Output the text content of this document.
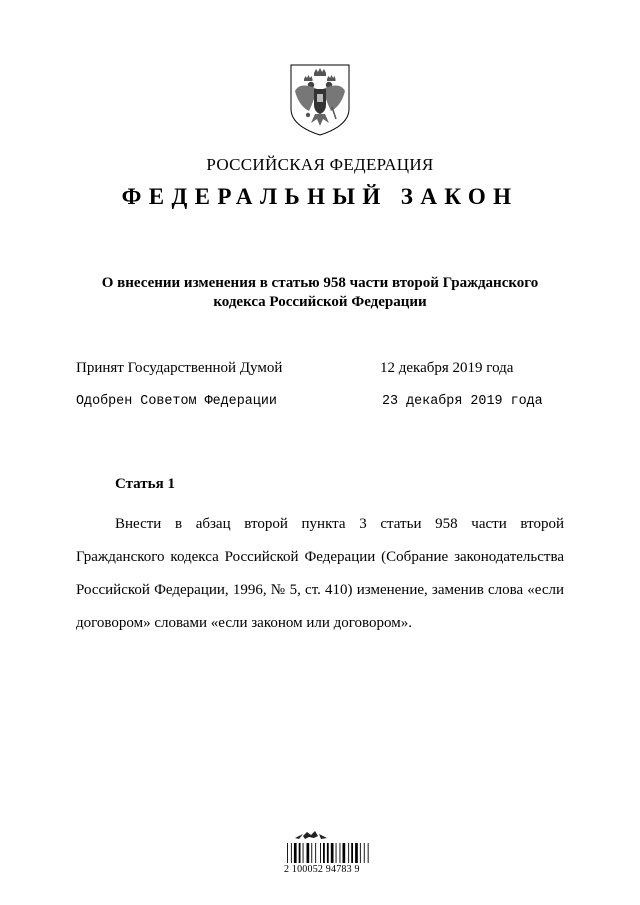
РОССИЙСКАЯ ФЕДЕРАЦИЯ
ФЕДЕРАЛЬНЫЙ ЗАКОН
О внесении изменения в статью 958 части второй Гражданского
кодекса Российской Федерации
Принят Государственной Думой	12 декабря 2019 года
Одобрен Советом Федерации	23 декабря 2019 года
Статья 1
Внести в абзац второй пункта 3 статьи 958 части второй Гражданского кодекса Российской Федерации (Собрание законодательства Российской Федерации, 1996, № 5, ст. 410) изменение, заменив слова «если договором» словами «если законом или договором».
2 100052 94783 9
